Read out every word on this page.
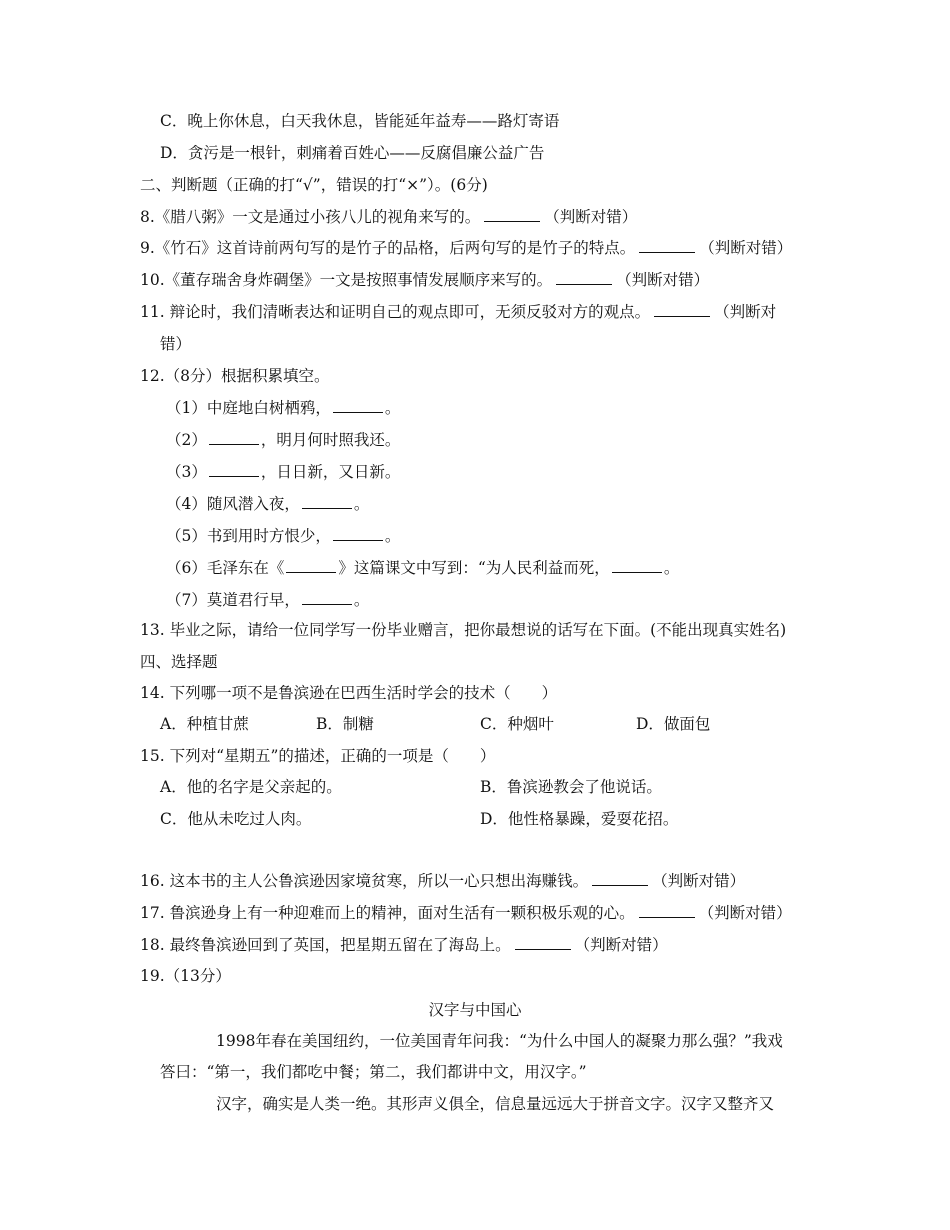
C．晚上你休息，白天我休息，皆能延年益寿——路灯寄语
D．贪污是一根针，刺痛着百姓心——反腐倡廉公益广告
二、判断题（正确的打“√”，错误的打“×”）。(6分)
8.《腊八粥》一文是通过小孩八儿的视角来写的。	（判断对错）
9.《竹石》这首诗前两句写的是竹子的品格，后两句写的是竹子的特点。	（判断对错）
10.《董存瑞舍身炸碉堡》一文是按照事情发展顺序来写的。	（判断对错）
11. 辩论时，我们清晰表达和证明自己的观点即可，无须反驳对方的观点。	（判断对
错）
12.（8分）根据积累填空。
（1）中庭地白树栖鸦，	。
（2）	，明月何时照我还。
（3）	，日日新，又日新。
（4）随风潜入夜，	。
（5）书到用时方恨少，	。
（6）毛泽东在《	》这篇课文中写到：“为人民利益而死，	。
（7）莫道君行早，	。
13. 毕业之际，请给一位同学写一份毕业赠言，把你最想说的话写在下面。(不能出现真实姓名)
四、选择题
14. 下列哪一项不是鲁滨逊在巴西生活时学会的技术（　　）
A．种植甘蔗	B．制糖	C．种烟叶	D．做面包
15. 下列对“星期五”的描述，正确的一项是（　　）
A．他的名字是父亲起的。	B．鲁滨逊教会了他说话。
C．他从未吃过人肉。	D．他性格暴躁，爱耍花招。
16. 这本书的主人公鲁滨逊因家境贫寒，所以一心只想出海赚钱。	（判断对错）
17. 鲁滨逊身上有一种迎难而上的精神，面对生活有一颗积极乐观的心。	（判断对错）
18. 最终鲁滨逊回到了英国，把星期五留在了海岛上。	（判断对错）
19.（13分）
汉字与中国心
1998年春在美国纽约，一位美国青年问我：“为什么中国人的凝聚力那么强？”我戏
答曰：“第一，我们都吃中餐；第二，我们都讲中文，用汉字。”
汉字，确实是人类一绝。其形声义俱全，信息量远远大于拼音文字。汉字又整齐又
